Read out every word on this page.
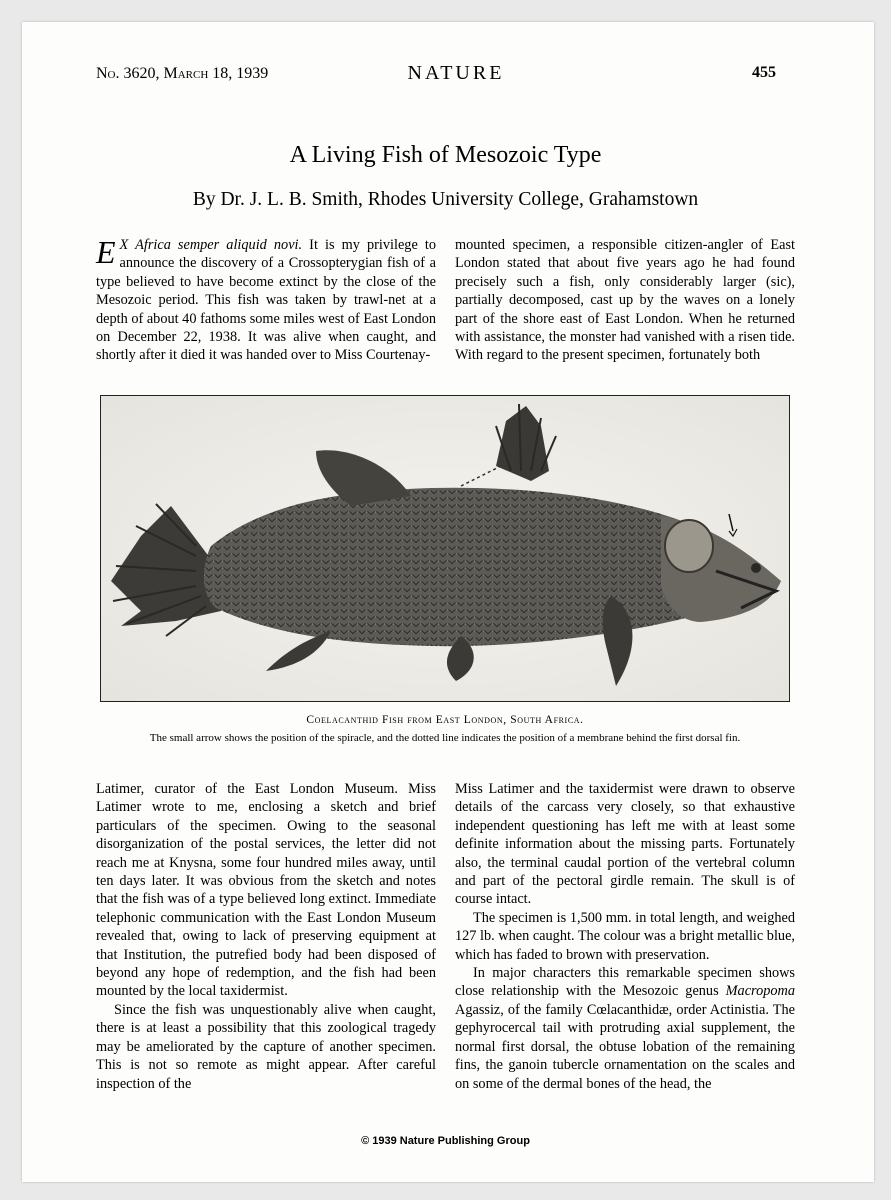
No. 3620, March 18, 1939	NATURE	455
A Living Fish of Mesozoic Type
By Dr. J. L. B. Smith, Rhodes University College, Grahamstown

E X Africa semper aliquid novi. It is my privilege to announce the discovery of a Crossopterygian fish of a type believed to have become extinct by the close of the Mesozoic period. This fish was taken by trawl-net at a depth of about 40 fathoms some miles west of East London on December 22, 1938. It was alive when caught, and shortly after it died it was handed over to Miss Courtenay-

mounted specimen, a responsible citizen-angler of East London stated that about five years ago he had found precisely such a fish, only considerably larger (sic), partially decomposed, cast up by the waves on a lonely part of the shore east of East London. When he returned with assistance, the monster had vanished with a risen tide. With regard to the present specimen, fortunately both

Coelacanthid Fish from East London, South Africa.
The small arrow shows the position of the spiracle, and the dotted line indicates the position of a membrane behind the first dorsal fin.

Latimer, curator of the East London Museum. Miss Latimer wrote to me, enclosing a sketch and brief particulars of the specimen. Owing to the seasonal disorganization of the postal services, the letter did not reach me at Knysna, some four hundred miles away, until ten days later. It was obvious from the sketch and notes that the fish was of a type believed long extinct. Immediate telephonic communication with the East London Museum revealed that, owing to lack of preserving equipment at that Institution, the putrefied body had been disposed of beyond any hope of redemption, and the fish had been mounted by the local taxidermist.

Since the fish was unquestionably alive when caught, there is at least a possibility that this zoological tragedy may be ameliorated by the capture of another specimen. This is not so remote as might appear. After careful inspection of the

Miss Latimer and the taxidermist were drawn to observe details of the carcass very closely, so that exhaustive independent questioning has left me with at least some definite information about the missing parts. Fortunately also, the terminal caudal portion of the vertebral column and part of the pectoral girdle remain. The skull is of course intact.

The specimen is 1,500 mm. in total length, and weighed 127 lb. when caught. The colour was a bright metallic blue, which has faded to brown with preservation.

In major characters this remarkable specimen shows close relationship with the Mesozoic genus Macropoma Agassiz, of the family Cœlacanthidæ, order Actinistia. The gephyrocercal tail with protruding axial supplement, the normal first dorsal, the obtuse lobation of the remaining fins, the ganoin tubercle ornamentation on the scales and on some of the dermal bones of the head, the

© 1939 Nature Publishing Group
